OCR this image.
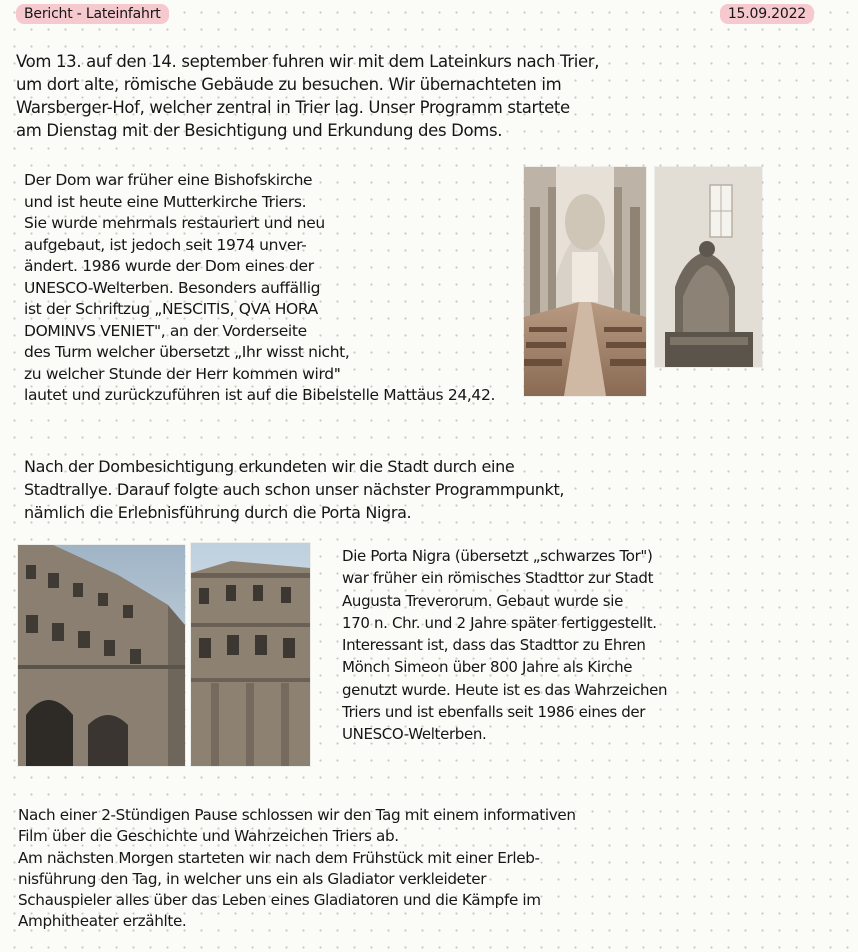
Bericht - Lateinfahrt	15.09.2022

Vom 13. auf den 14. september fuhren wir mit dem Lateinkurs nach Trier,
um dort alte, römische Gebäude zu besuchen. Wir übernachteten im
Warsberger-Hof, welcher zentral in Trier lag. Unser Programm startete
am Dienstag mit der Besichtigung und Erkundung des Doms.

Der Dom war früher eine Bishofskirche
und ist heute eine Mutterkirche Triers.
Sie wurde mehrmals restauriert und neu
aufgebaut, ist jedoch seit 1974 unver-
ändert. 1986 wurde der Dom eines der
UNESCO-Welterben. Besonders auffällig
ist der Schriftzug „NESCITIS, QVA HORA
DOMINVS VENIET", an der Vorderseite
des Turm welcher übersetzt „Ihr wisst nicht,
zu welcher Stunde der Herr kommen wird"
lautet und zurückzuführen ist auf die Bibelstelle Mattäus 24,42.

Nach der Dombesichtigung erkundeten wir die Stadt durch eine
Stadtrallye. Darauf folgte auch schon unser nächster Programmpunkt,
nämlich die Erlebnisführung durch die Porta Nigra.

Die Porta Nigra (übersetzt „schwarzes Tor")
war früher ein römisches Stadttor zur Stadt
Augusta Treverorum. Gebaut wurde sie
170 n. Chr. und 2 Jahre später fertiggestellt.
Interessant ist, dass das Stadttor zu Ehren
Mönch Simeon über 800 Jahre als Kirche
genutzt wurde. Heute ist es das Wahrzeichen
Triers und ist ebenfalls seit 1986 eines der
UNESCO-Welterben.

Nach einer 2-Stündigen Pause schlossen wir den Tag mit einem informativen
Film über die Geschichte und Wahrzeichen Triers ab.
Am nächsten Morgen starteten wir nach dem Frühstück mit einer Erleb-
nisführung den Tag, in welcher uns ein als Gladiator verkleideter
Schauspieler alles über das Leben eines Gladiatoren und die Kämpfe im
Amphitheater erzählte.
